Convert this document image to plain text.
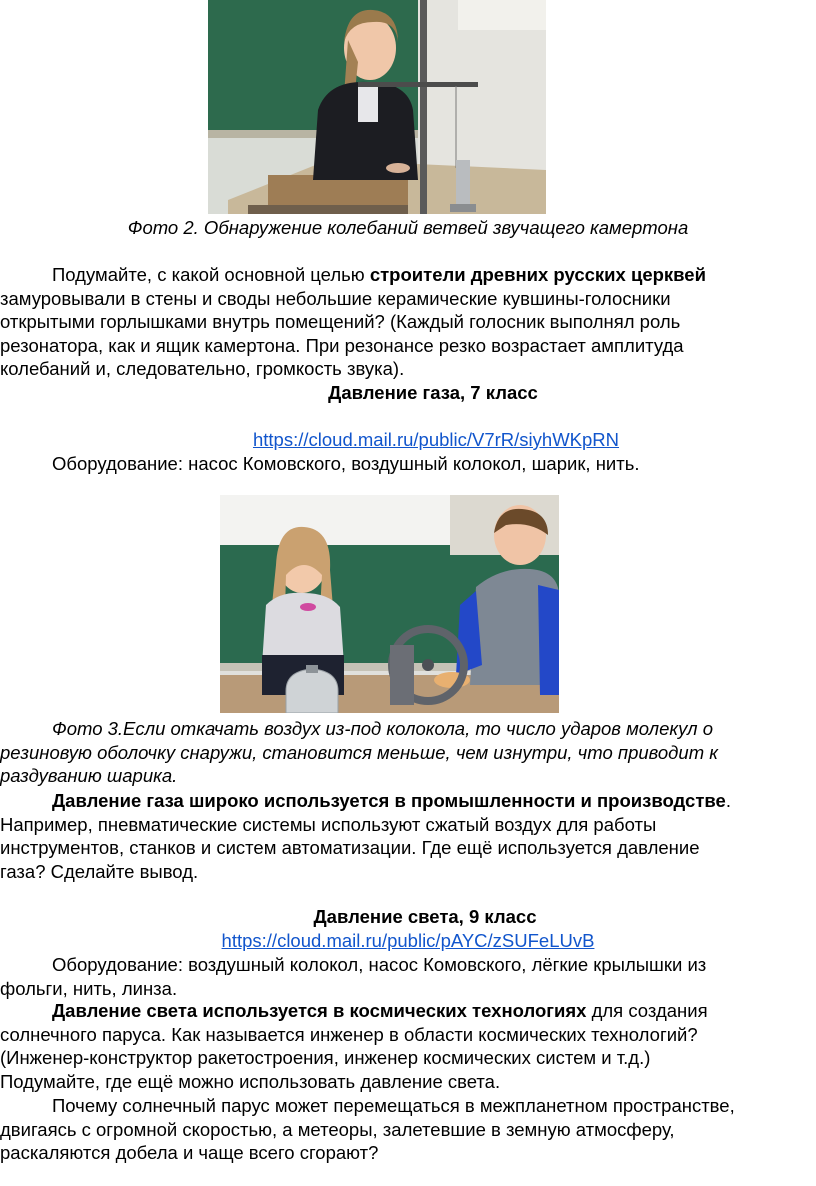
Фото 2. Обнаружение колебаний ветвей звучащего камертона
Подумайте, с какой основной целью строители древних русских церквей
замуровывали в стены и своды небольшие керамические кувшины-голосники
открытыми горлышками внутрь помещений? (Каждый голосник выполнял роль
резонатора, как и ящик камертона. При резонансе резко возрастает амплитуда
колебаний и, следовательно, громкость звука).
Давление газа, 7 класс
https://cloud.mail.ru/public/V7rR/siyhWKpRN
Оборудование: насос Комовского, воздушный колокол, шарик, нить.
Фото 3.Если откачать воздух из-под колокола, то число ударов молекул о
резиновую оболочку снаружи, становится меньше, чем изнутри, что приводит к
раздуванию шарика.
Давление газа широко используется в промышленности и производстве.
Например, пневматические системы используют сжатый воздух для работы
инструментов, станков и систем автоматизации. Где ещё используется давление
газа? Сделайте вывод.
Давление света, 9 класс
https://cloud.mail.ru/public/pAYC/zSUFeLUvB
Оборудование: воздушный колокол, насос Комовского, лёгкие крылышки из
фольги, нить, линза.
Давление света используется в космических технологиях для создания
солнечного паруса. Как называется инженер в области космических технологий?
(Инженер-конструктор ракетостроения, инженер космических систем и т.д.)
Подумайте, где ещё можно использовать давление света.
Почему солнечный парус может перемещаться в межпланетном пространстве,
двигаясь с огромной скоростью, а метеоры, залетевшие в земную атмосферу,
раскаляются добела и чаще всего сгорают?
